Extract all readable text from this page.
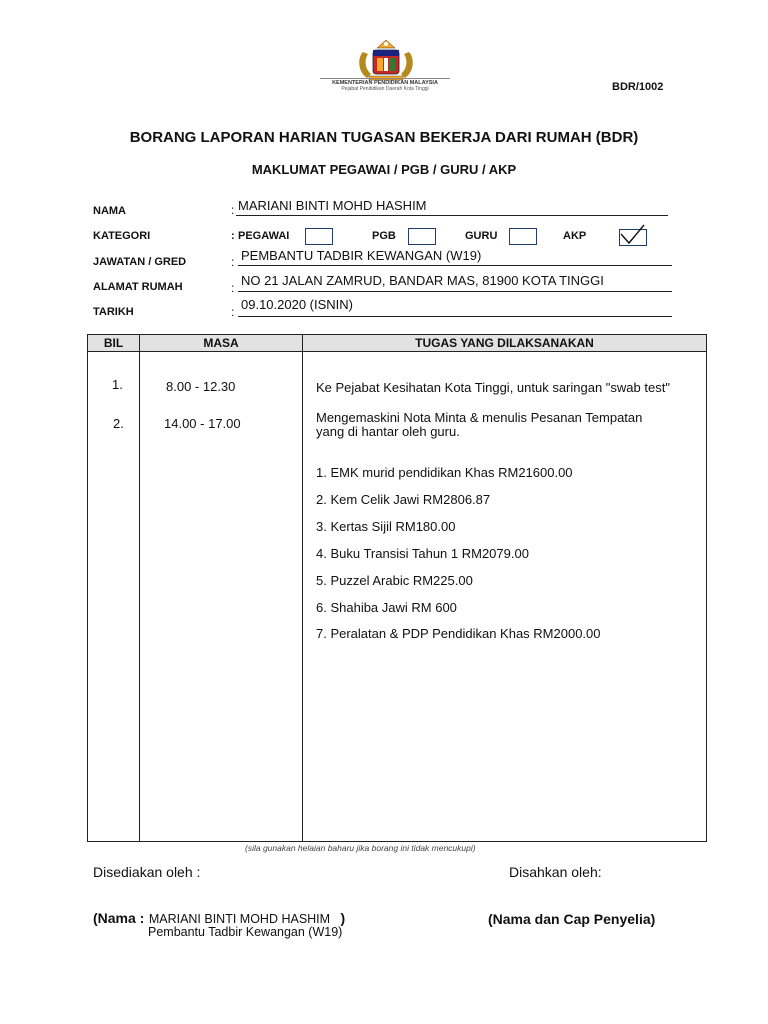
KEMENTERIAN PENDIDIKAN MALAYSIA
Pejabat Pendidikan Daerah Kota Tinggi	BDR/1002
BORANG LAPORAN HARIAN TUGASAN BEKERJA DARI RUMAH (BDR)
MAKLUMAT PEGAWAI / PGB / GURU / AKP
NAMA	: MARIANI BINTI MOHD HASHIM
KATEGORI	: PEGAWAI	PGB	GURU	AKP
JAWATAN / GRED	: PEMBANTU TADBIR KEWANGAN (W19)
ALAMAT RUMAH	: NO 21 JALAN ZAMRUD, BANDAR MAS, 81900 KOTA TINGGI
TARIKH	: 09.10.2020 (ISNIN)
BIL	MASA	TUGAS YANG DILAKSANAKAN
1.	8.00 - 12.30	Ke Pejabat Kesihatan Kota Tinggi, untuk saringan "swab test"
2.	14.00 - 17.00	Mengemaskini Nota Minta & menulis Pesanan Tempatan
yang di hantar oleh guru.
1. EMK murid pendidikan Khas RM21600.00
2. Kem Celik Jawi RM2806.87
3. Kertas Sijil RM180.00
4. Buku Transisi Tahun 1 RM2079.00
5. Puzzel Arabic RM225.00
6. Shahiba Jawi RM 600
7. Peralatan & PDP Pendidikan Khas RM2000.00
(sila gunakan helaian baharu jika borang ini tidak mencukupi)
Disediakan oleh :	Disahkan oleh:
(Nama : MARIANI BINTI MOHD HASHIM )
Pembantu Tadbir Kewangan (W19)
(Nama dan Cap Penyelia)
